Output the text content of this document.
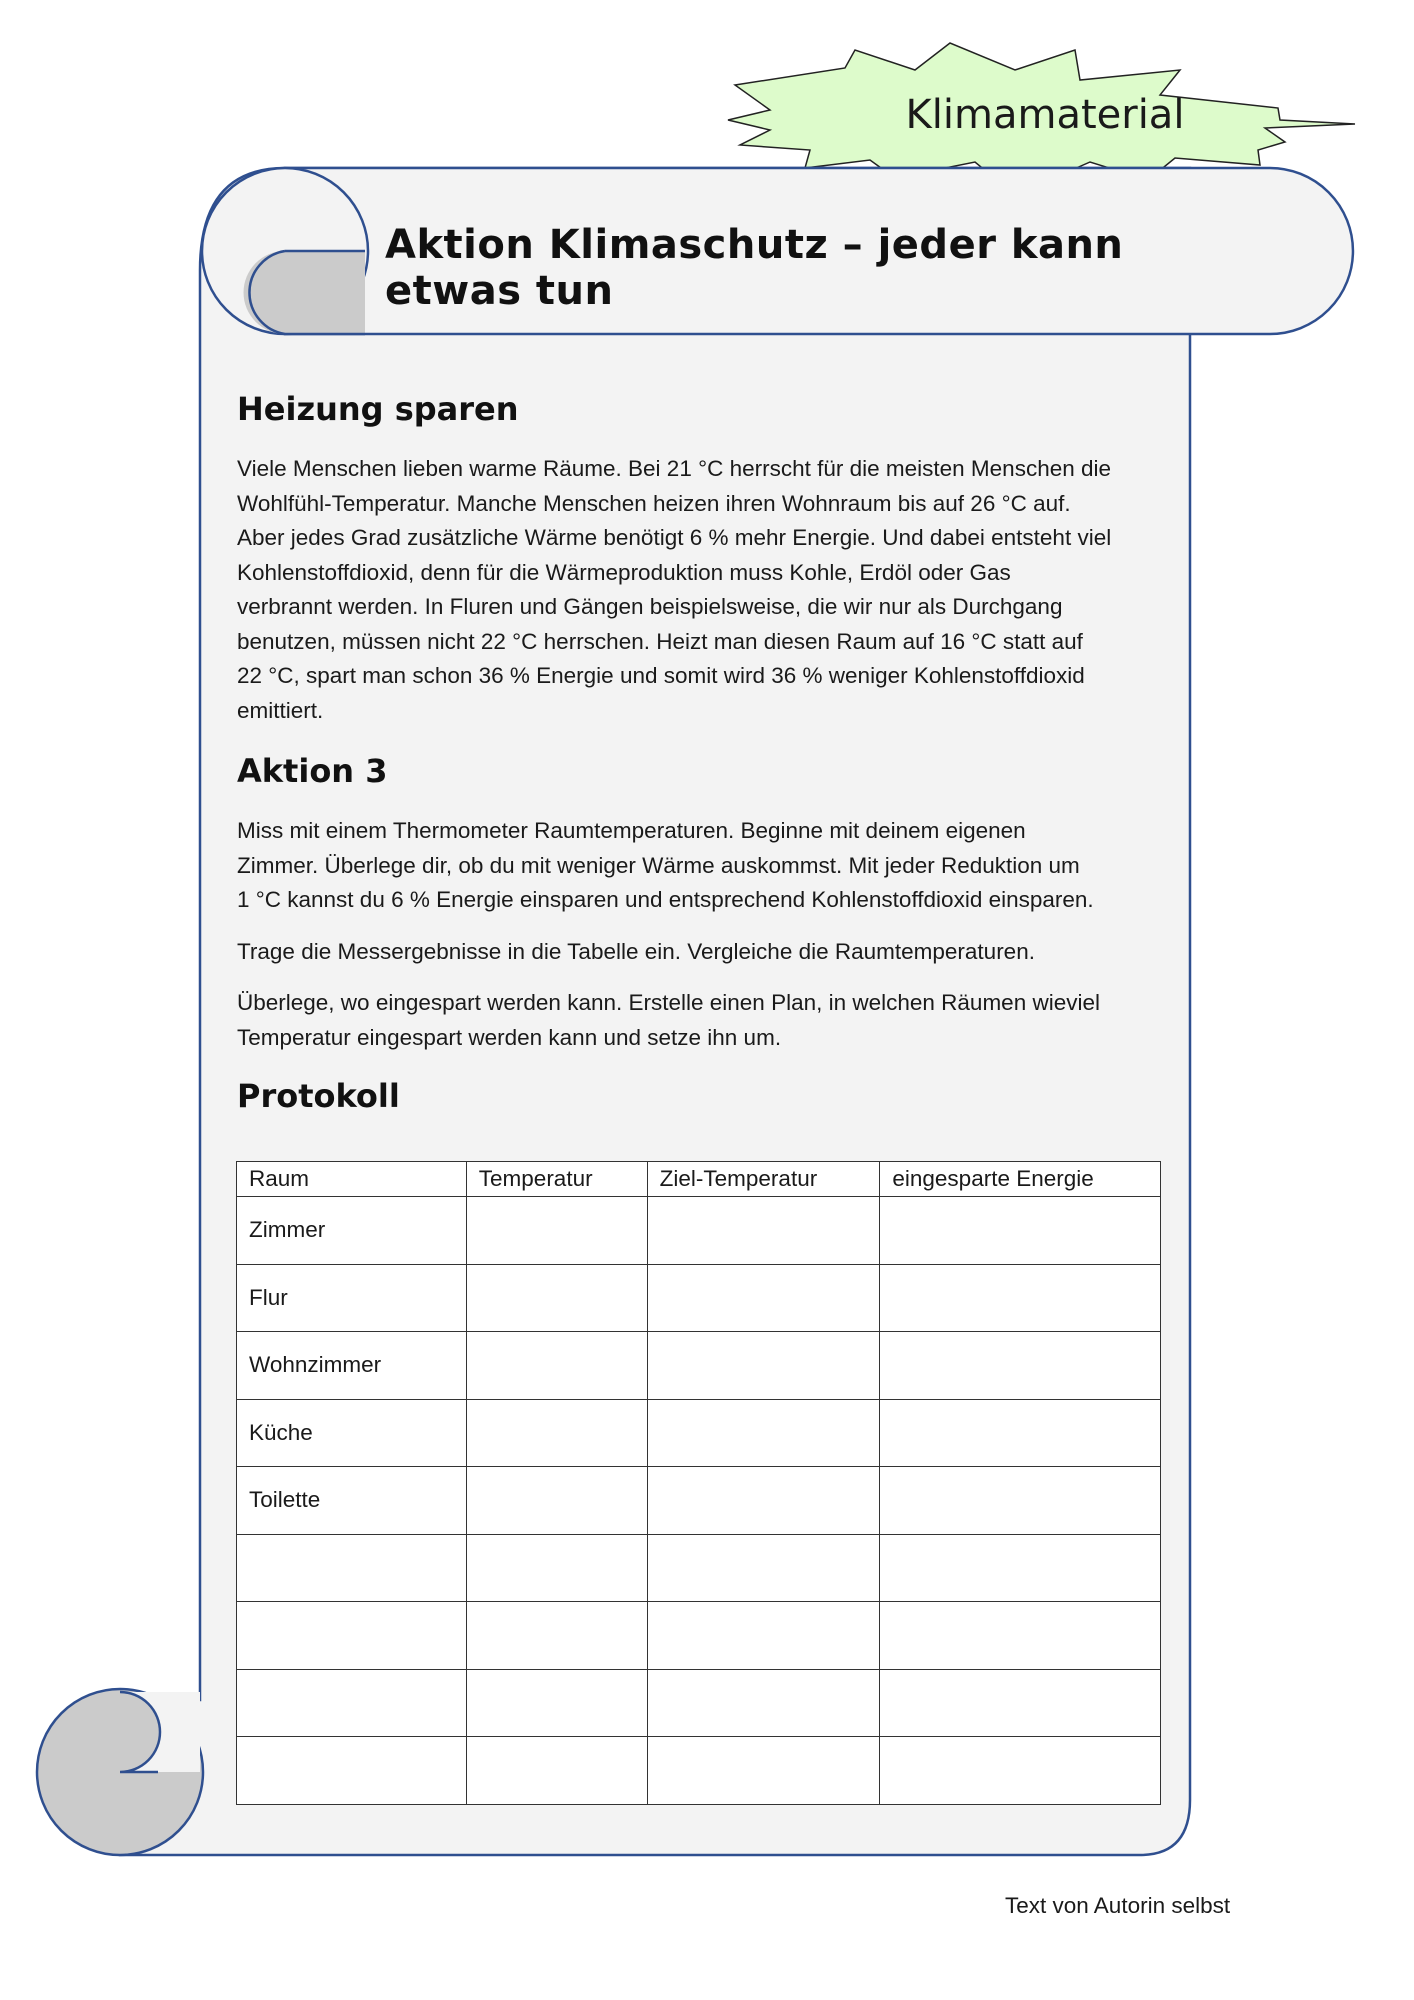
Klimamaterial
Aktion Klimaschutz – jeder kann etwas tun
Heizung sparen

Viele Menschen lieben warme Räume. Bei 21 °C herrscht für die meisten Menschen die
Wohlfühl-Temperatur. Manche Menschen heizen ihren Wohnraum bis auf 26 °C auf.
Aber jedes Grad zusätzliche Wärme benötigt 6 % mehr Energie. Und dabei entsteht viel
Kohlenstoffdioxid, denn für die Wärmeproduktion muss Kohle, Erdöl oder Gas
verbrannt werden. In Fluren und Gängen beispielsweise, die wir nur als Durchgang
benutzen, müssen nicht 22 °C herrschen. Heizt man diesen Raum auf 16 °C statt auf
22 °C, spart man schon 36 % Energie und somit wird 36 % weniger Kohlenstoffdioxid
emittiert.

Aktion 3

Miss mit einem Thermometer Raumtemperaturen. Beginne mit deinem eigenen
Zimmer. Überlege dir, ob du mit weniger Wärme auskommst. Mit jeder Reduktion um
1 °C kannst du 6 % Energie einsparen und entsprechend Kohlenstoffdioxid einsparen.

Trage die Messergebnisse in die Tabelle ein. Vergleiche die Raumtemperaturen.

Überlege, wo eingespart werden kann. Erstelle einen Plan, in welchen Räumen wieviel
Temperatur eingespart werden kann und setze ihn um.

Protokoll
Raum	Temperatur	Ziel-Temperatur	eingesparte Energie
Zimmer			
Flur			
Wohnzimmer			
Küche			
Toilette			

Text von Autorin selbst
